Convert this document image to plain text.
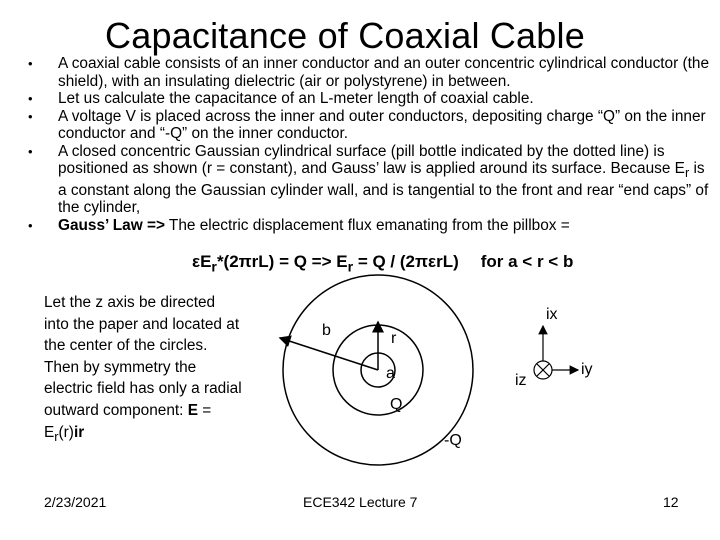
Capacitance of Coaxial Cable
• A coaxial cable consists of an inner conductor and an outer concentric cylindrical conductor (the shield), with an insulating dielectric (air or polystyrene) in between.
• Let us calculate the capacitance of an L-meter length of coaxial cable.
• A voltage V is placed across the inner and outer conductors, depositing charge “Q” on the inner conductor and “-Q” on the inner conductor.
• A closed concentric Gaussian cylindrical surface (pill bottle indicated by the dotted line) is positioned as shown (r = constant), and Gauss’ law is applied around its surface. Because $E_r$ is a constant along the Gaussian cylinder wall, and is tangential to the front and rear “end caps” of the cylinder,
• Gauss’ Law => The electric displacement flux emanating from the pillbox =
$\varepsilon E_r*(2\pi rL) = Q => E_r = Q / (2\pi\varepsilon rL)$ for a < r < b
Let the z axis be directed into the paper and located at the center of the circles. Then by symmetry the electric field has only a radial outward component: $E = E_r(r)ir$
b	r
a
Q
-Q
ix
iy
iz
2/23/2021	ECE342 Lecture 7	12
